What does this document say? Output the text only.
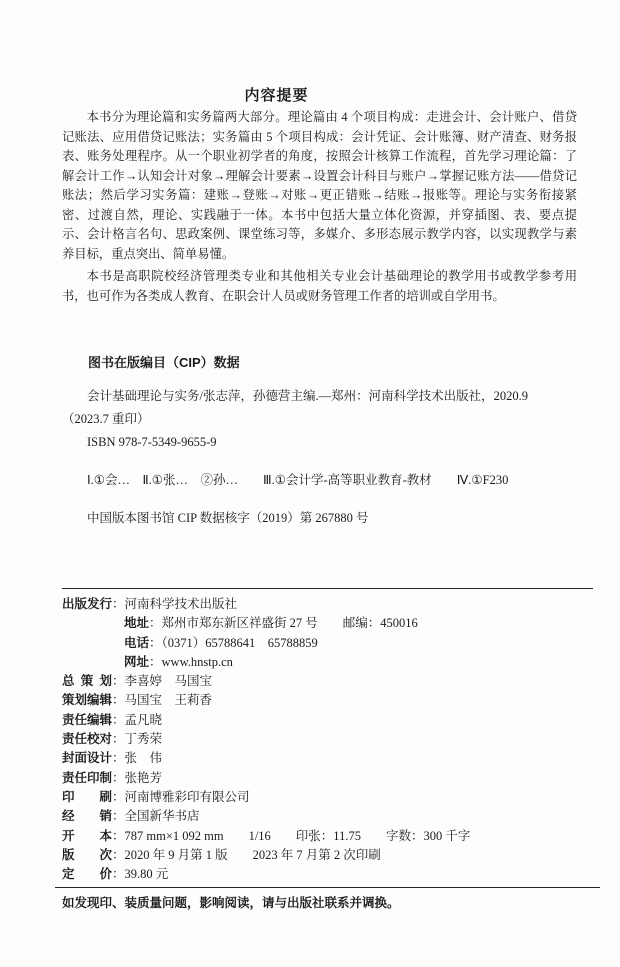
内容提要

本书分为理论篇和实务篇两大部分。理论篇由 4 个项目构成：走进会计、会计账户、借贷记账法、应用借贷记账法；实务篇由 5 个项目构成：会计凭证、会计账簿、财产清查、财务报表、账务处理程序。从一个职业初学者的角度，按照会计核算工作流程，首先学习理论篇：了解会计工作→认知会计对象→理解会计要素→设置会计科目与账户→掌握记账方法——借贷记账法；然后学习实务篇：建账→登账→对账→更正错账→结账→报账等。理论与实务衔接紧密、过渡自然，理论、实践融于一体。本书中包括大量立体化资源，并穿插图、表、要点提示、会计格言名句、思政案例、课堂练习等，多媒介、多形态展示教学内容，以实现教学与素养目标，重点突出、简单易懂。

本书是高职院校经济管理类专业和其他相关专业会计基础理论的教学用书或教学参考用书，也可作为各类成人教育、在职会计人员或财务管理工作者的培训或自学用书。

图书在版编目（CIP）数据
会计基础理论与实务/张志萍，孙德营主编.—郑州：河南科学技术出版社，2020.9
（2023.7 重印）
ISBN 978-7-5349-9655-9
Ⅰ.①会…　Ⅱ.①张…　②孙…　　Ⅲ.①会计学-高等职业教育-教材　　Ⅳ.①F230
中国版本图书馆 CIP 数据核字（2019）第 267880 号
出版发行：河南科学技术出版社
地址：郑州市郑东新区祥盛街 27 号　　邮编：450016
电话：（0371）65788641　65788859
网址：www.hnstp.cn
总策划：李喜婷　马国宝
策划编辑：马国宝　王莉香
责任编辑：孟凡晓
责任校对：丁秀荣
封面设计：张　伟
责任印制：张艳芳
印刷：河南博雅彩印有限公司
经销：全国新华书店
开本：787 mm×1 092 mm　　1/16　　印张：11.75　　字数：300 千字
版次：2020 年 9 月第 1 版　　2023 年 7 月第 2 次印刷
定价：39.80 元
如发现印、装质量问题，影响阅读，请与出版社联系并调换。
